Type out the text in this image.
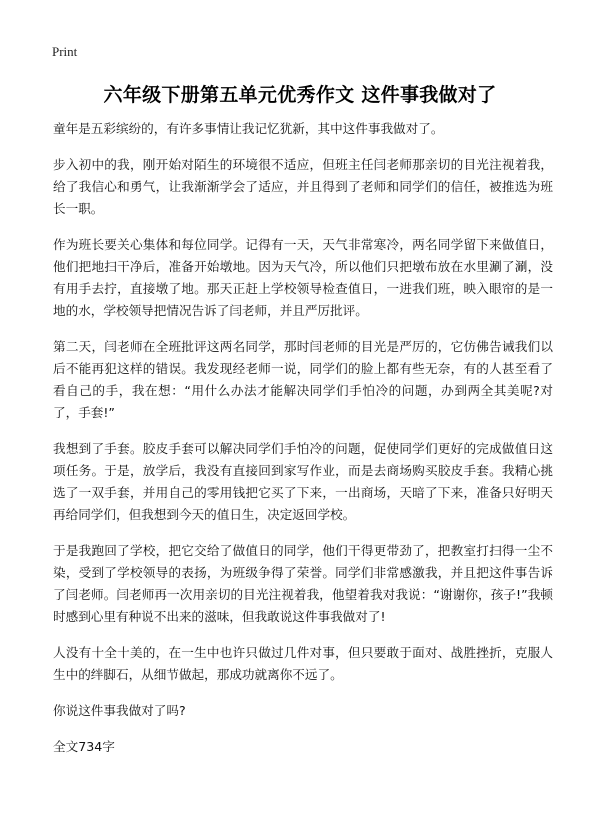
Print
六年级下册第五单元优秀作文 这件事我做对了

童年是五彩缤纷的，有许多事情让我记忆犹新，其中这件事我做对了。

步入初中的我，刚开始对陌生的环境很不适应，但班主任闫老师那亲切的目光注视着我，给了我信心和勇气，让我渐渐学会了适应，并且得到了老师和同学们的信任，被推选为班长一职。

作为班长要关心集体和每位同学。记得有一天，天气非常寒冷，两名同学留下来做值日，他们把地扫干净后，准备开始墩地。因为天气冷，所以他们只把墩布放在水里涮了涮，没有用手去拧，直接墩了地。那天正赶上学校领导检查值日，一进我们班，映入眼帘的是一地的水，学校领导把情况告诉了闫老师，并且严厉批评。

第二天，闫老师在全班批评这两名同学，那时闫老师的目光是严厉的，它仿佛告诫我们以后不能再犯这样的错误。我发现经老师一说，同学们的脸上都有些无奈，有的人甚至看了看自己的手，我在想：“用什么办法才能解决同学们手怕冷的问题，办到两全其美呢?对了，手套!”

我想到了手套。胶皮手套可以解决同学们手怕冷的问题，促使同学们更好的完成做值日这项任务。于是，放学后，我没有直接回到家写作业，而是去商场购买胶皮手套。我精心挑选了一双手套，并用自己的零用钱把它买了下来，一出商场，天暗了下来，准备只好明天再给同学们，但我想到今天的值日生，决定返回学校。

于是我跑回了学校，把它交给了做值日的同学，他们干得更带劲了，把教室打扫得一尘不染，受到了学校领导的表扬，为班级争得了荣誉。同学们非常感激我，并且把这件事告诉了闫老师。闫老师再一次用亲切的目光注视着我，他望着我对我说：“谢谢你，孩子!”我顿时感到心里有种说不出来的滋味，但我敢说这件事我做对了!

人没有十全十美的，在一生中也许只做过几件对事，但只要敢于面对、战胜挫折，克服人生中的绊脚石，从细节做起，那成功就离你不远了。

你说这件事我做对了吗?

全文734字
